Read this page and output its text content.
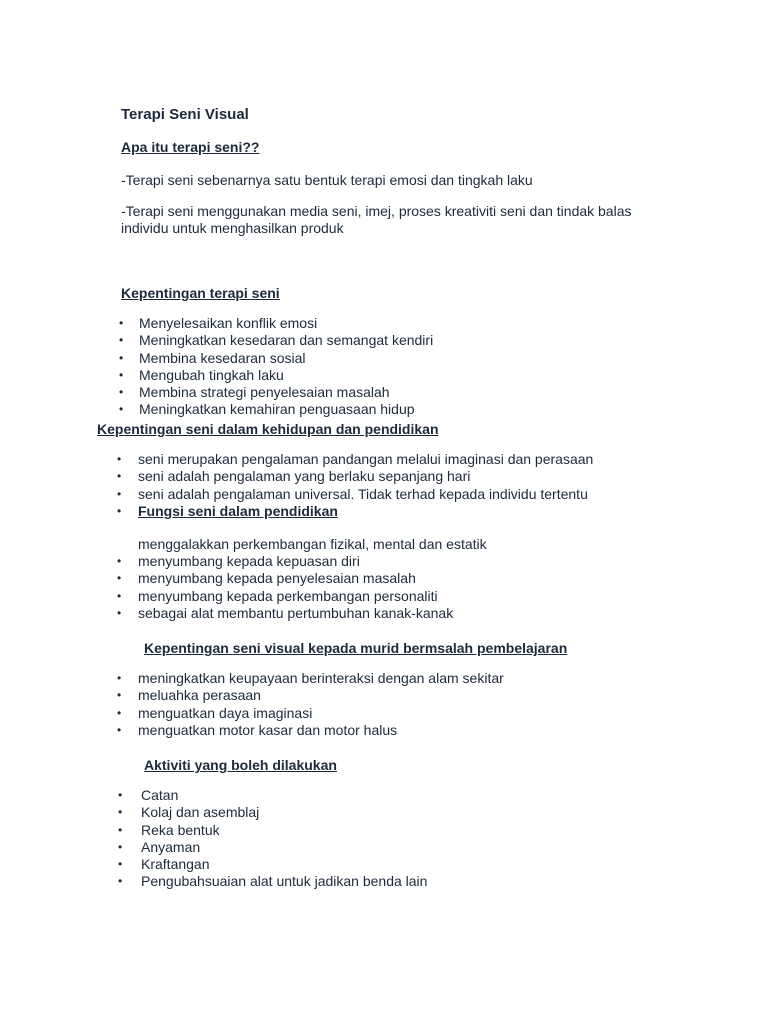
Terapi Seni Visual
Apa itu terapi seni??
-Terapi seni sebenarnya satu bentuk terapi emosi dan tingkah laku
-Terapi seni menggunakan media seni, imej, proses kreativiti seni dan tindak balas
individu untuk menghasilkan produk
Kepentingan terapi seni
• Menyelesaikan konflik emosi
• Meningkatkan kesedaran dan semangat kendiri
• Membina kesedaran sosial
• Mengubah tingkah laku
• Membina strategi penyelesaian masalah
• Meningkatkan kemahiran penguasaan hidup
Kepentingan seni dalam kehidupan dan pendidikan
• seni merupakan pengalaman pandangan melalui imaginasi dan perasaan
• seni adalah pengalaman yang berlaku sepanjang hari
• seni adalah pengalaman universal. Tidak terhad kepada individu tertentu
• Fungsi seni dalam pendidikan
menggalakkan perkembangan fizikal, mental dan estatik
• menyumbang kepada kepuasan diri
• menyumbang kepada penyelesaian masalah
• menyumbang kepada perkembangan personaliti
• sebagai alat membantu pertumbuhan kanak-kanak
Kepentingan seni visual kepada murid bermsalah pembelajaran
• meningkatkan keupayaan berinteraksi dengan alam sekitar
• meluahka perasaan
• menguatkan daya imaginasi
• menguatkan motor kasar dan motor halus
Aktiviti yang boleh dilakukan
• Catan
• Kolaj dan asemblaj
• Reka bentuk
• Anyaman
• Kraftangan
• Pengubahsuaian alat untuk jadikan benda lain
